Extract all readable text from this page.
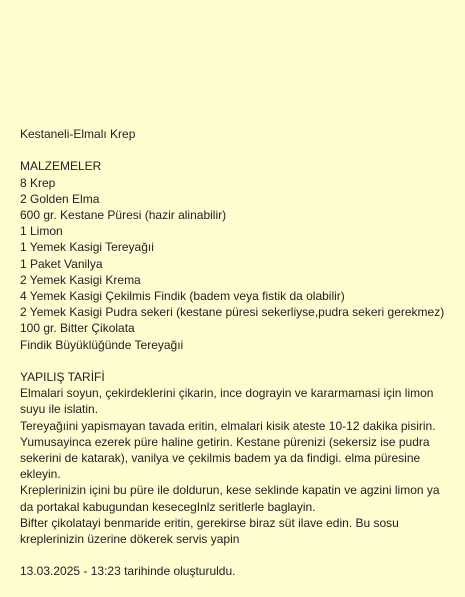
Kestaneli-Elmalı Krep
MALZEMELER
8 Krep
2 Golden Elma
600 gr. Kestane Püresi (hazir alinabilir)
1 Limon
1 Yemek Kasigi Tereyağıi
1 Paket Vanilya
2 Yemek Kasigi Krema
4 Yemek Kasigi Çekilmis Findik (badem veya fistik da olabilir)
2 Yemek Kasigi Pudra sekeri (kestane püresi sekerliyse,pudra sekeri gerekmez)
100 gr. Bitter Çikolata
Findik Büyüklüğünde Tereyağıi
YAPILIŞ TARİFİ
Elmalari soyun, çekirdeklerini çikarin, ince dograyin ve kararmamasi için limon suyu ile islatin.
Tereyağıini yapismayan tavada eritin, elmalari kisik ateste 10-12 dakika pisirin. Yumusayinca ezerek püre haline getirin. Kestane pürenizi (sekersiz ise pudra sekerini de katarak), vanilya ve çekilmis badem ya da findigi. elma püresine ekleyin.
Kreplerinizin içini bu püre ile doldurun, kese seklinde kapatin ve agzini limon ya da portakal kabugundan kesecegInlz seritlerle baglayin.
Bifter çikolatayi benmaride eritin, gerekirse biraz süt ilave edin. Bu sosu kreplerinizin üzerine dökerek servis yapin
13.03.2025 - 13:23 tarihinde oluşturuldu.
